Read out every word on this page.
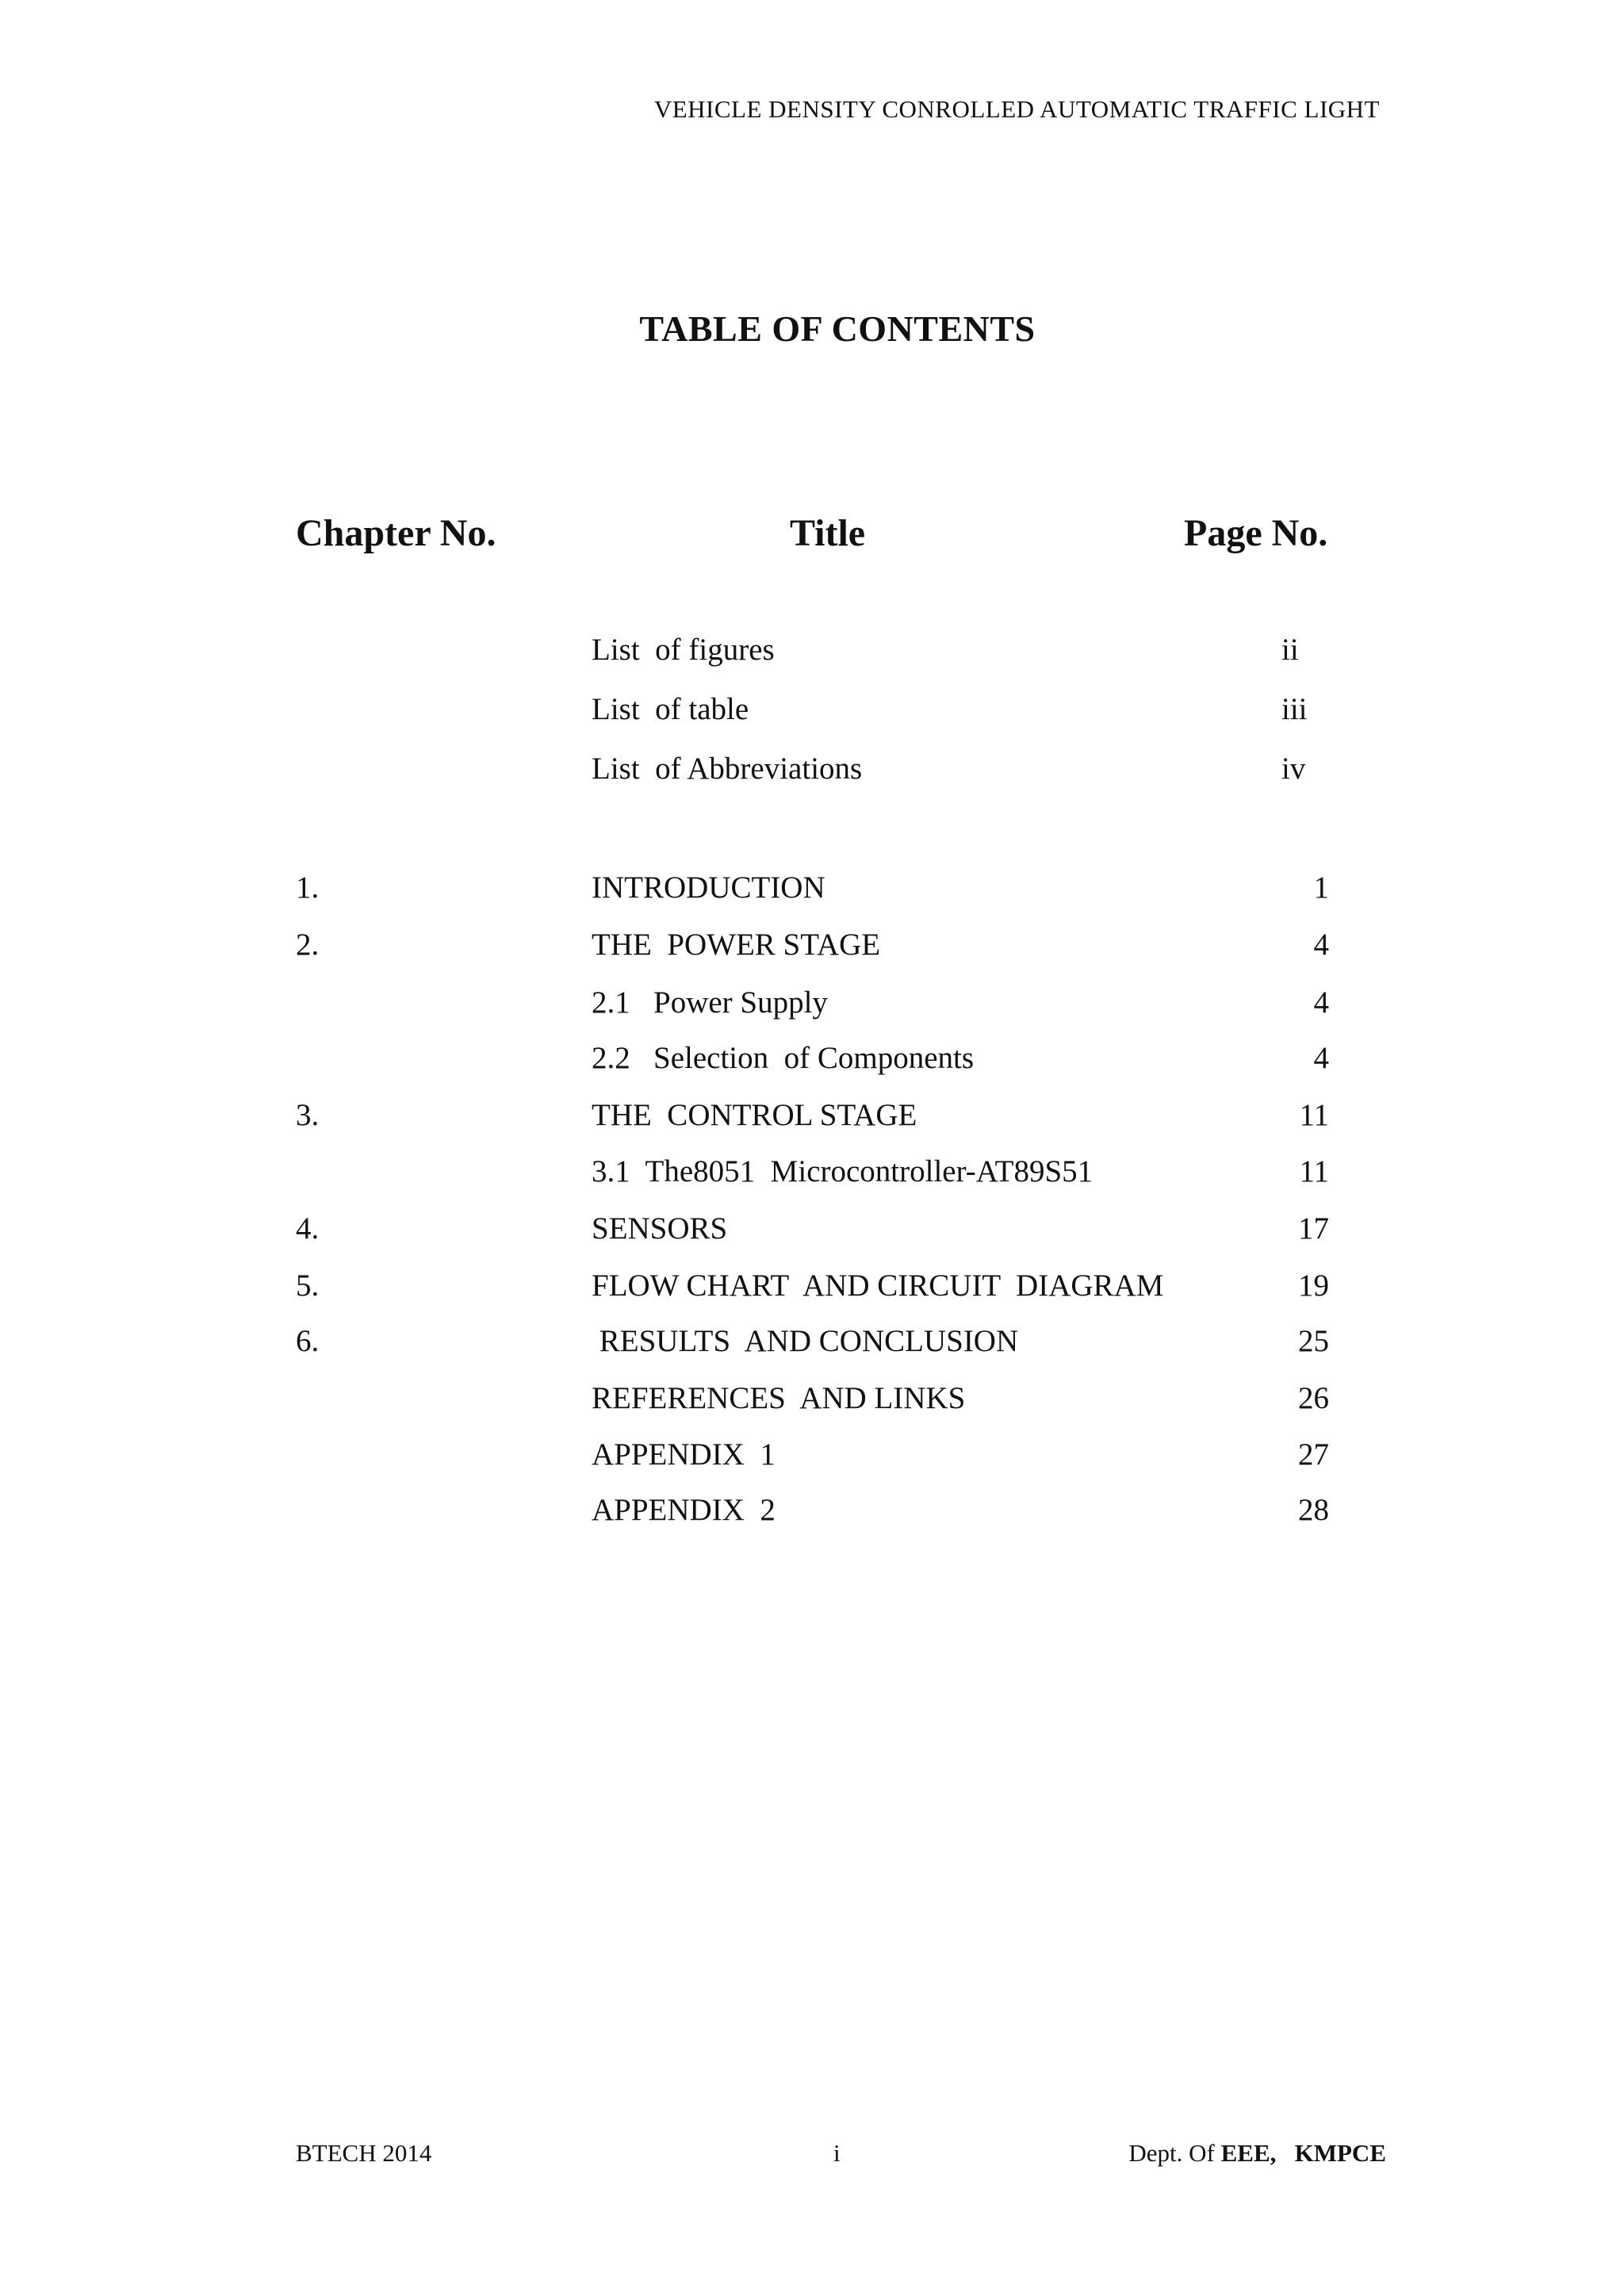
VEHICLE DENSITY CONROLLED AUTOMATIC TRAFFIC LIGHT
TABLE OF CONTENTS
Chapter No.	Title	Page No.
List  of figures	ii
List  of table	iii
List  of Abbreviations	iv
1.	INTRODUCTION	1
2.	THE  POWER STAGE	4
2.1   Power Supply	4
2.2   Selection  of Components	4
3.	THE  CONTROL STAGE	11
3.1  The8051  Microcontroller-AT89S51	11
4.	SENSORS	17
5.	FLOW CHART  AND CIRCUIT  DIAGRAM	19
6.	RESULTS  AND CONCLUSION	25
REFERENCES  AND LINKS	26
APPENDIX  1	27
APPENDIX  2	28
BTECH 2014	i	Dept. Of EEE,   KMPCE
